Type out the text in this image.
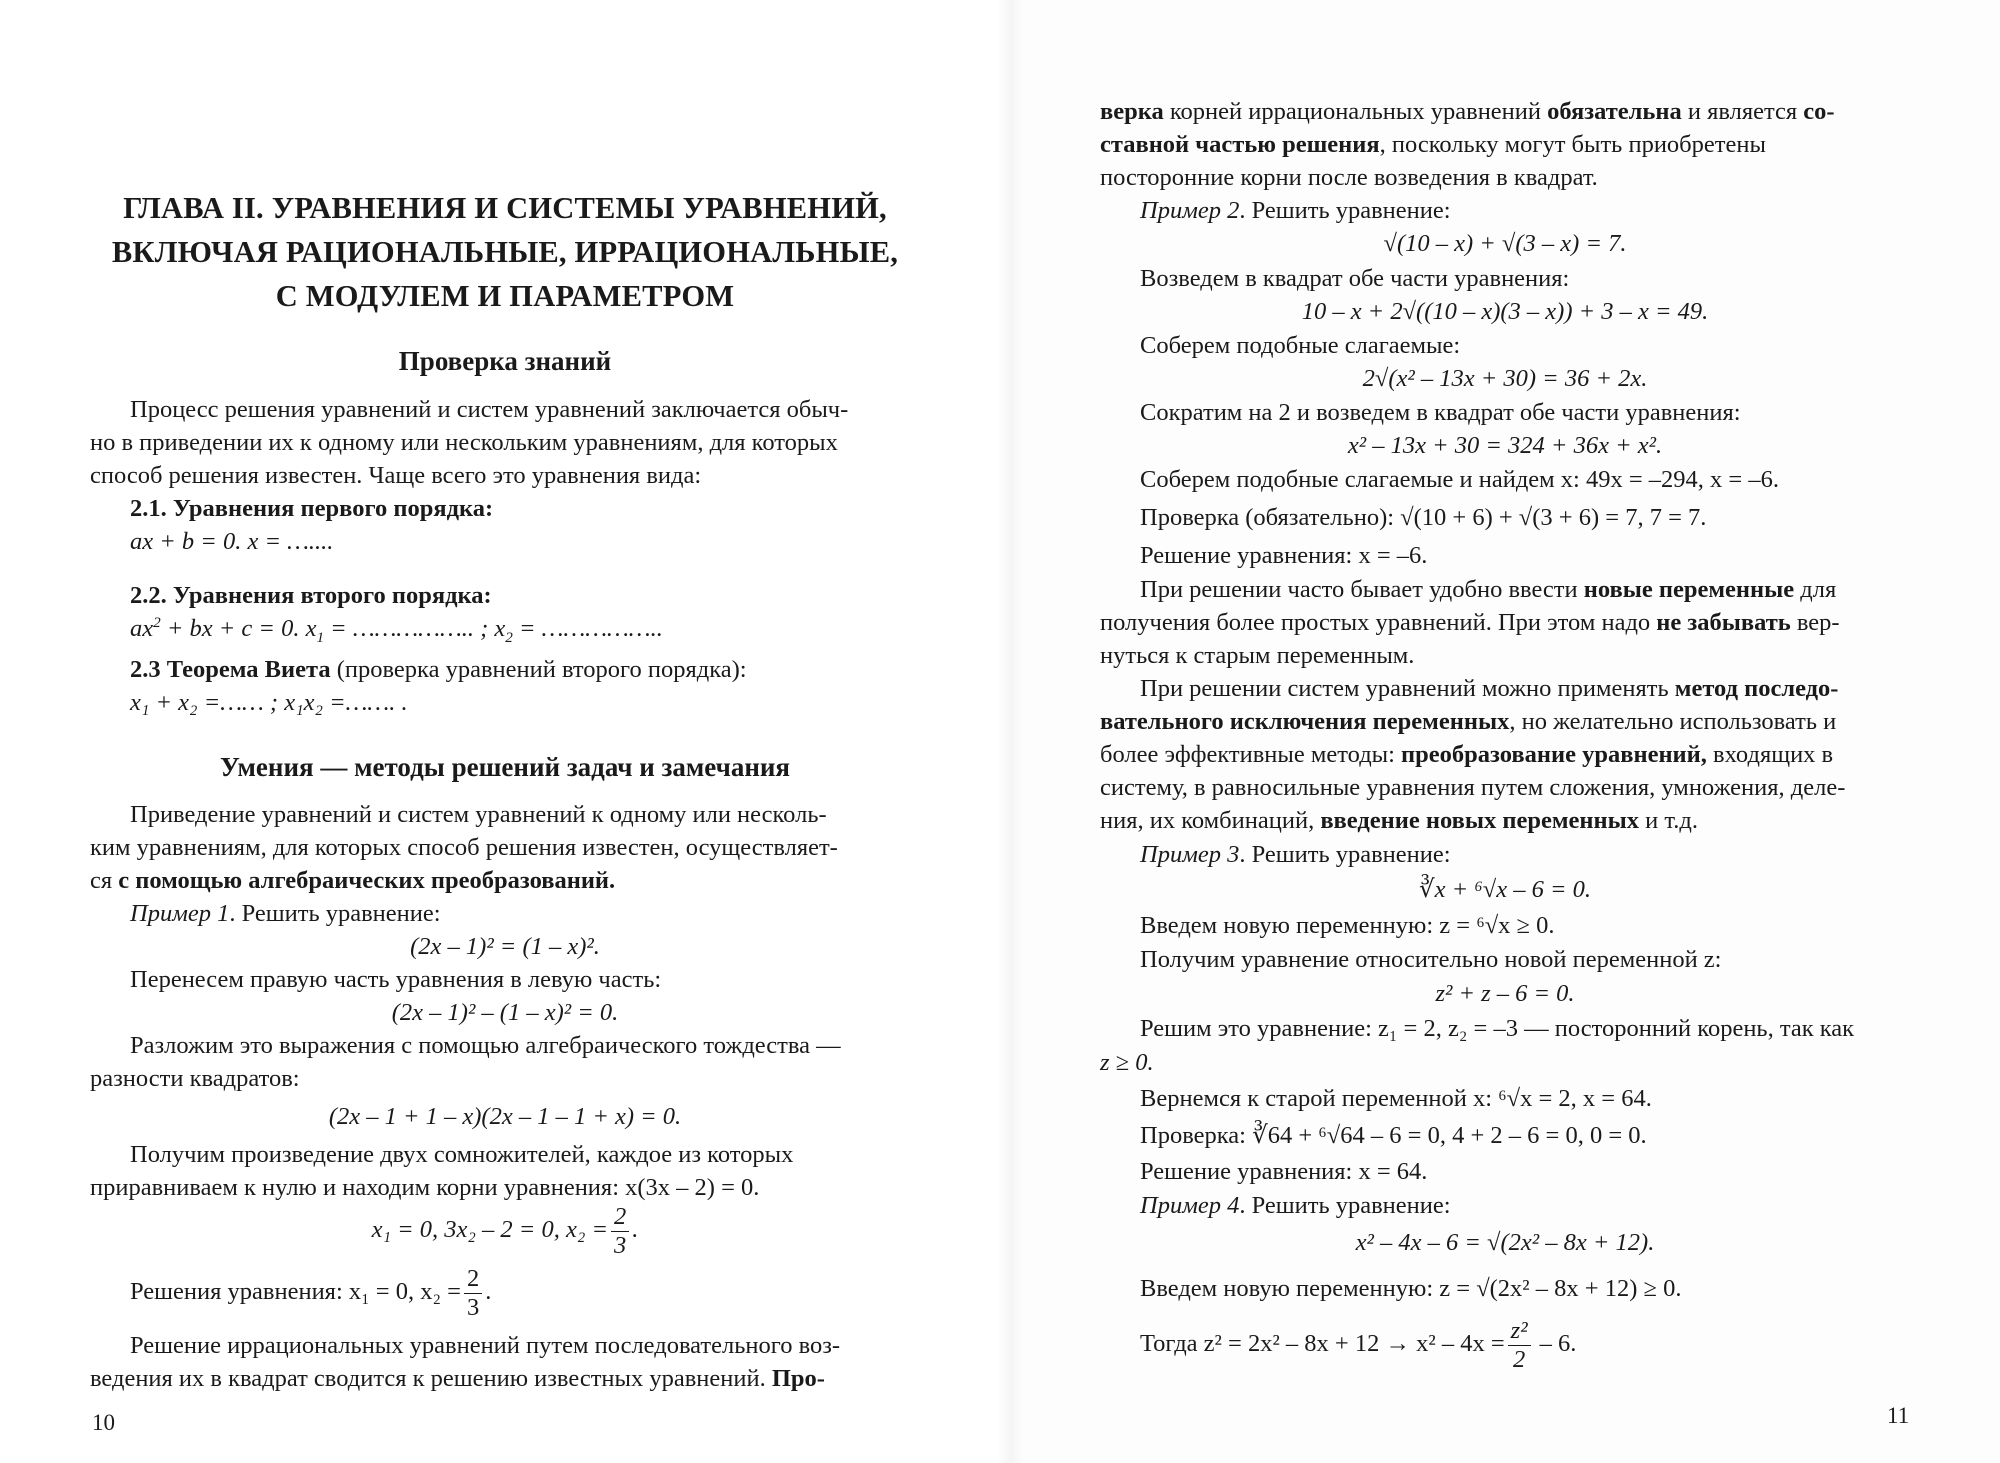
ГЛАВА II. УРАВНЕНИЯ И СИСТЕМЫ УРАВНЕНИЙ,
ВКЛЮЧАЯ РАЦИОНАЛЬНЫЕ, ИРРАЦИОНАЛЬНЫЕ,
С МОДУЛЕМ И ПАРАМЕТРОМ
Проверка знаний
Процесс решения уравнений и систем уравнений заключается обыч-
но в приведении их к одному или нескольким уравнениям, для которых
способ решения известен. Чаще всего это уравнения вида:
2.1. Уравнения первого порядка:
ax + b = 0. x = …....
2.2. Уравнения второго порядка:
$ax^2$ + bx + c = 0. $x_1$ = …………….. ; $x_2$ = ……………..
2.3 Теорема Виета (проверка уравнений второго порядка):
x₁ + x₂ =…… ; x₁x₂ =……. .
Умения — методы решений задач и замечания
Приведение уравнений и систем уравнений к одному или несколь-
ким уравнениям, для которых способ решения известен, осуществляет-
ся с помощью алгебраических преобразований.
Пример 1. Решить уравнение:
(2x – 1)² = (1 – x)².
Перенесем правую часть уравнения в левую часть:
(2x – 1)² – (1 – x)² = 0.
Разложим это выражения с помощью алгебраического тождества —
разности квадратов:
(2x – 1 + 1 – x)(2x – 1 – 1 + x) = 0.
Получим произведение двух сомножителей, каждое из которых
приравниваем к нулю и находим корни уравнения: x(3x – 2) = 0.
x₁ = 0, 3x₂ – 2 = 0, $x_2 = \frac{2}{3}$ .
Решения уравнения: x₁ = 0, $x_2 = \frac{2}{3}$ .
Решение иррациональных уравнений путем последовательного воз-
ведения их в квадрат сводится к решению известных уравнений. Про-
10
верка корней иррациональных уравнений обязательна и является со-
ставной частью решения, поскольку могут быть приобретены
посторонние корни после возведения в квадрат.
Пример 2. Решить уравнение:
√(10 – x) + √(3 – x) = 7.
Возведем в квадрат обе части уравнения:
10 – x + 2√((10 – x)(3 – x)) + 3 – x = 49.
Соберем подобные слагаемые:
2√(x² – 13x + 30) = 36 + 2x.
Сократим на 2 и возведем в квадрат обе части уравнения:
x² – 13x + 30 = 324 + 36x + x².
Соберем подобные слагаемые и найдем x: 49x = –294, x = –6.
Проверка (обязательно): √(10 + 6) + √(3 + 6) = 7, 7 = 7.
Решение уравнения: x = –6.
При решении часто бывает удобно ввести новые переменные для
получения более простых уравнений. При этом надо не забывать вер-
нуться к старым переменным.
При решении систем уравнений можно применять метод последо-
вательного исключения переменных, но желательно использовать и
более эффективные методы: преобразование уравнений, входящих в
систему, в равносильные уравнения путем сложения, умножения, деле-
ния, их комбинаций, введение новых переменных и т.д.
Пример 3. Решить уравнение:
∛x + ⁶√x – 6 = 0.
Введем новую переменную: z = ⁶√x ≥ 0.
Получим уравнение относительно новой переменной z:
z² + z – 6 = 0.
Решим это уравнение: z₁ = 2, z₂ = –3 — посторонний корень, так как
z ≥ 0.
Вернемся к старой переменной x: ⁶√x = 2, x = 64.
Проверка: ∛64 + ⁶√64 – 6 = 0, 4 + 2 – 6 = 0, 0 = 0.
Решение уравнения: x = 64.
Пример 4. Решить уравнение:
x² – 4x – 6 = √(2x² – 8x + 12).
Введем новую переменную: z = √(2x² – 8x + 12) ≥ 0.
Тогда $z^2 = 2x^2 - 8x + 12 \to x^2 - 4x = \frac{\text{z²}}{2} - 6$.
11
